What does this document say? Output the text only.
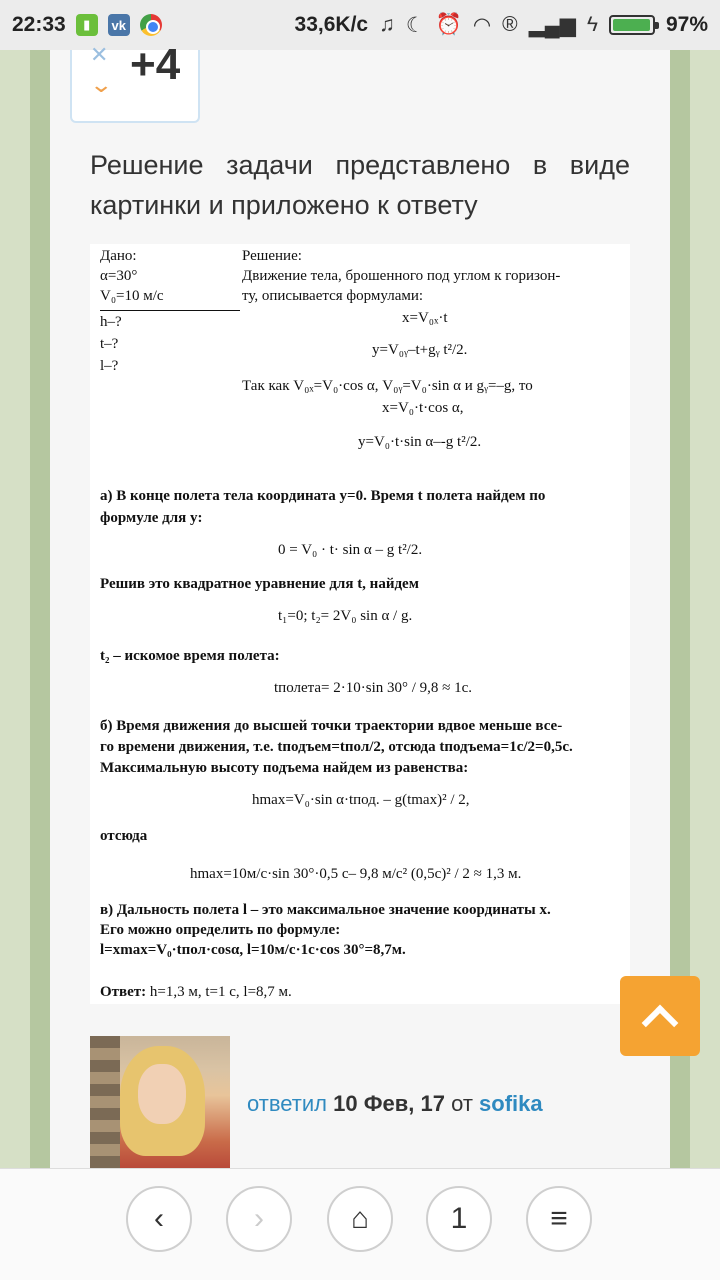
22:33	▮	vk	33,6K/c ♫ ☾ ⏰ ◠ ® ▂▄▆ ϟ	97%
✕ +4
⌄
Решение задачи представлено в виде
картинки и приложено к ответу
Дано:
α=30°
V₀=10 м/с
h–?
t–?
l–?
Решение:
Движение тела, брошенного под углом к горизон-
ту, описывается формулами:
x=V₀ₓ·t
y=V₀ᵧ–t+gᵧ t²/2.
Так как V₀ₓ=V₀·cos α, V₀ᵧ=V₀·sin α и gᵧ=–g, то
x=V₀·t·cos α,
y=V₀·t·sin α–-g t²/2.
а) В конце полета тела координата y=0. Время t полета найдем по
формуле для y:
0 = V₀ · t· sin α – g t²/2.
Решив это квадратное уравнение для t, найдем
t₁=0; t₂= 2V₀ sin α / g.
t₂ – искомое время полета:
tполета= 2·10·sin 30° / 9,8 ≈ 1с.
б) Время движения до высшей точки траектории вдвое меньше все-
го времени движения, т.е. tподъем=tпол/2, отсюда tподъема=1с/2=0,5с.
Максимальную высоту подъема найдем из равенства:
hmax=V₀·sin α·tпод. – g(tmax)² / 2,
отсюда
hmax=10м/с·sin 30°·0,5 с– 9,8 м/с² (0,5с)² / 2 ≈ 1,3 м.
в) Дальность полета l – это максимальное значение координаты x.
Его можно определить по формуле:
l=xmax=V₀·tпол·cosα, l=10м/с·1с·cos 30°=8,7м.
Ответ: h=1,3 м, t=1 с, l=8,7 м.
ответил 10 Фев, 17 от sofika
‹	›	⌂	1	≡
